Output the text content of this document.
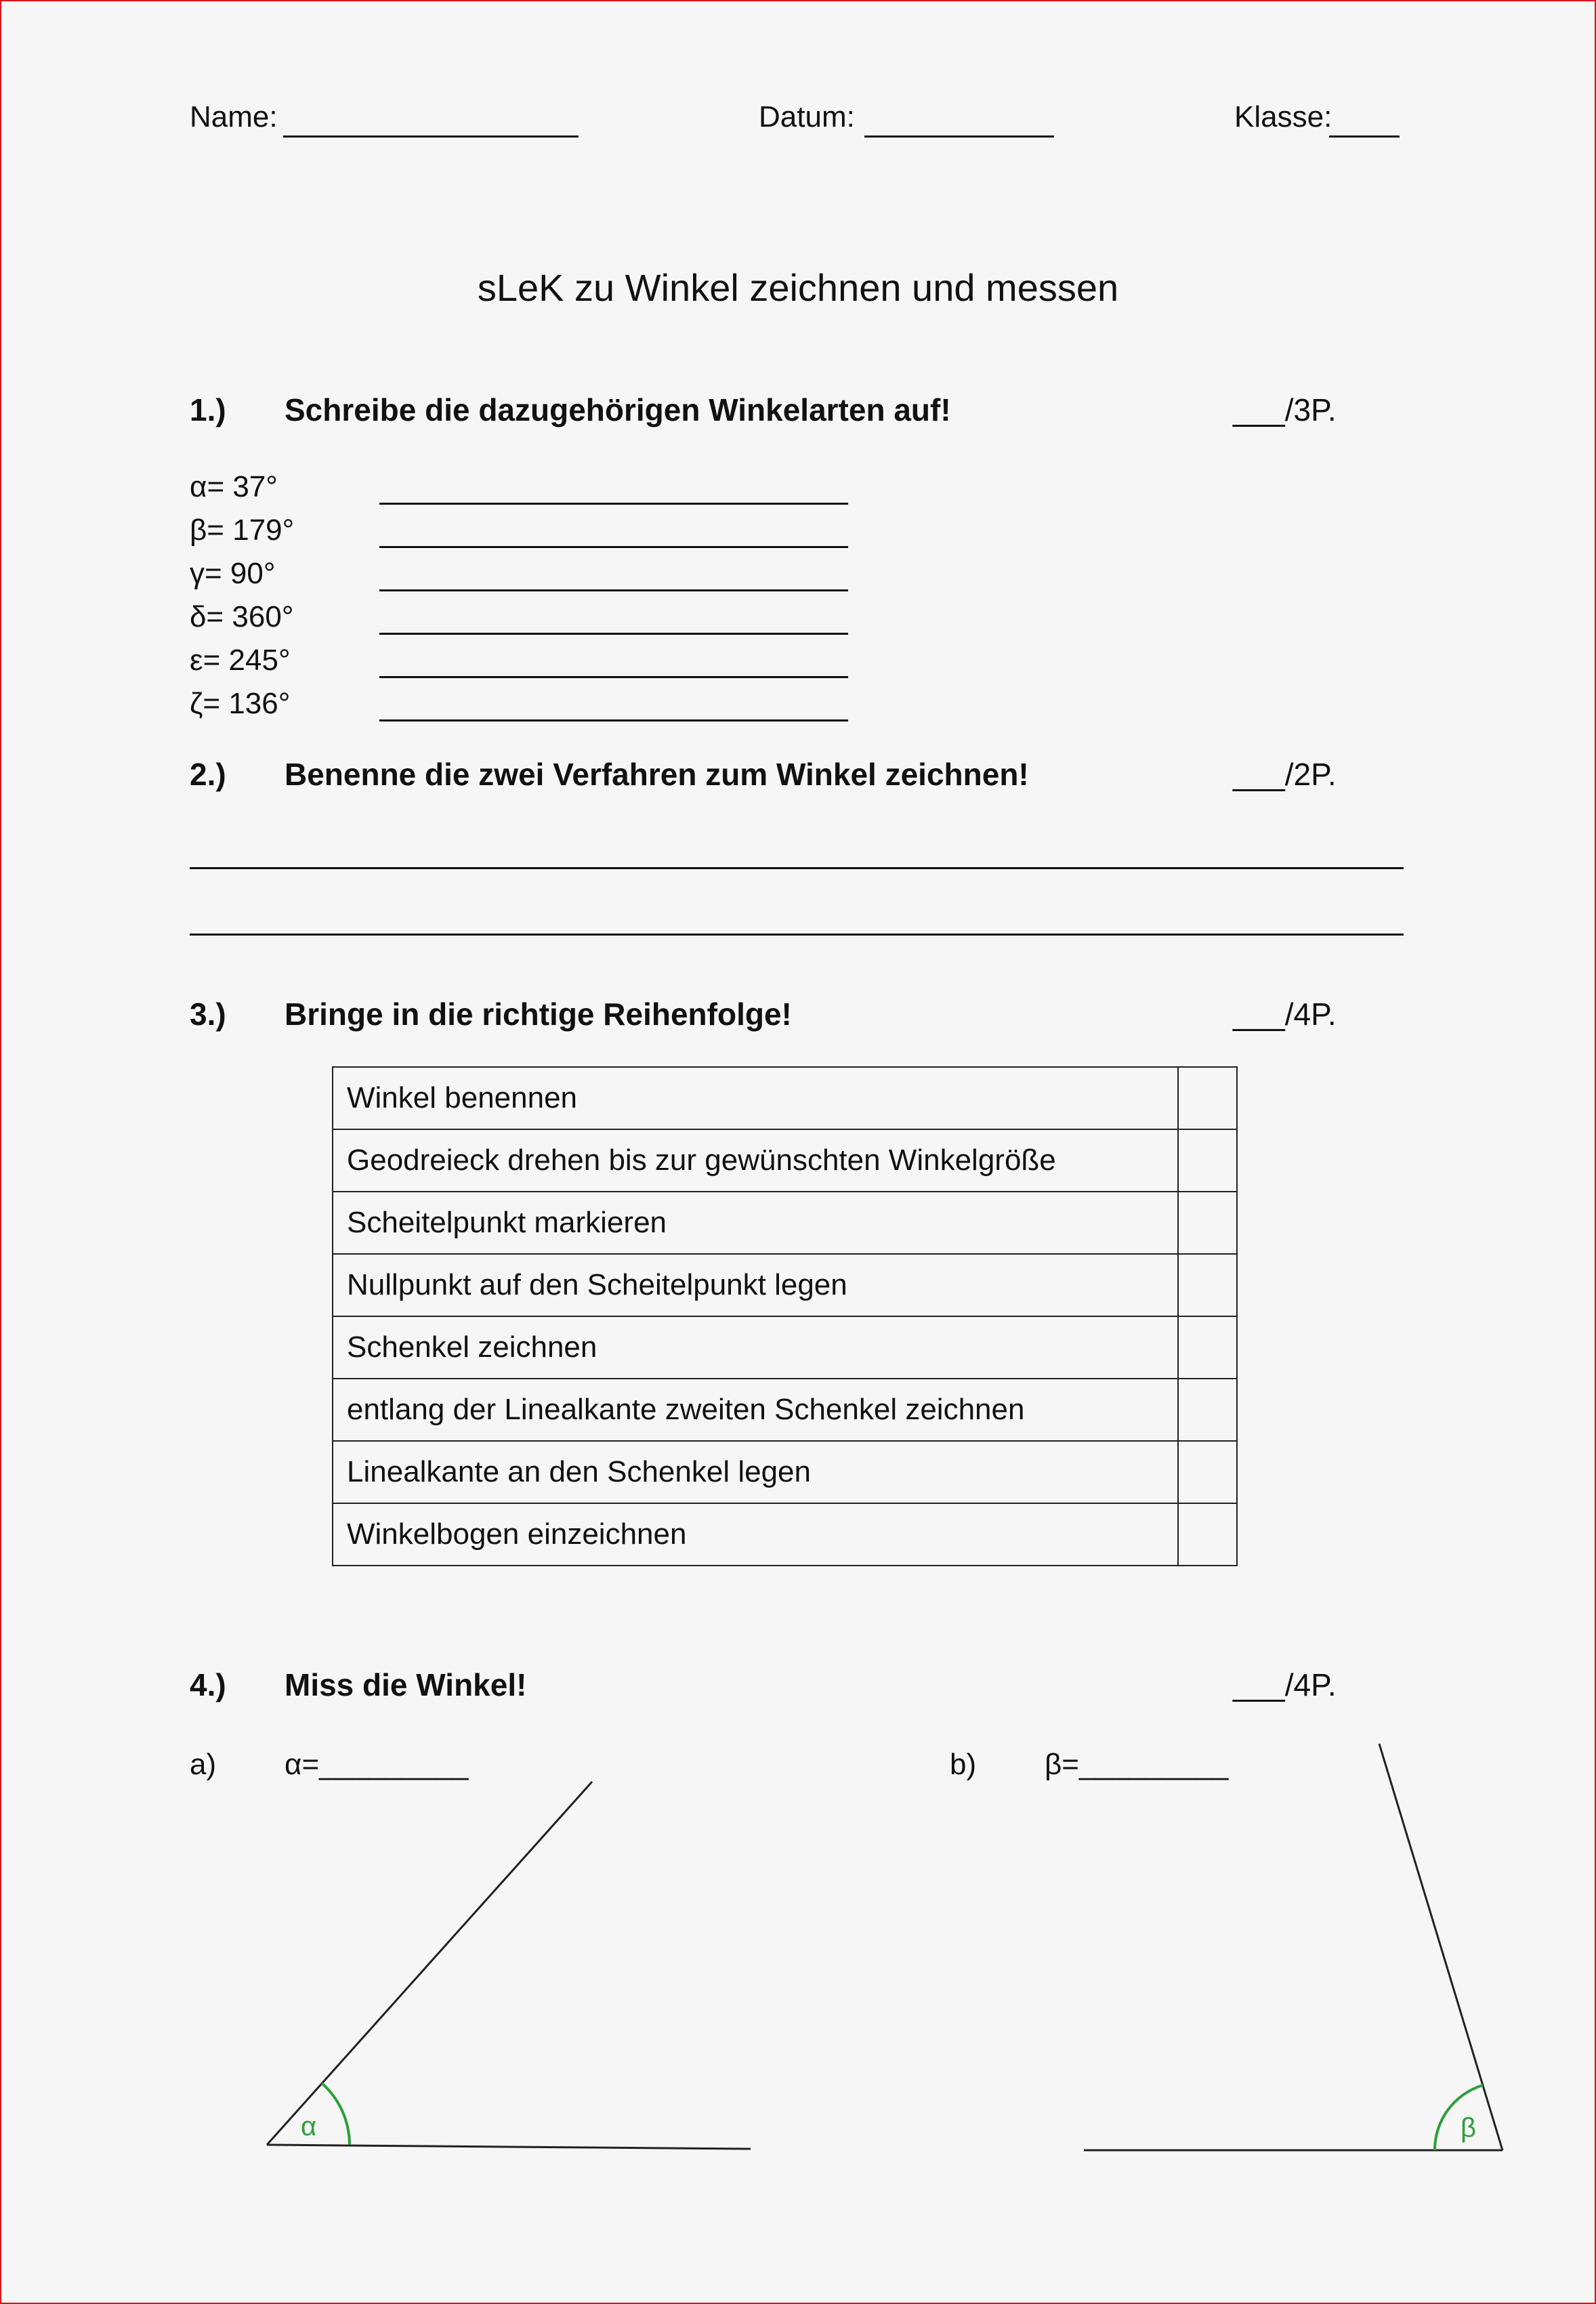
Name:	Datum:	Klasse:
sLeK zu Winkel zeichnen und messen
1.) Schreibe die dazugehörigen Winkelarten auf!	___/3P.
α= 37°
β= 179°
γ= 90°
δ= 360°
ε= 245°
ζ= 136°
2.) Benenne die zwei Verfahren zum Winkel zeichnen!	___/2P.
3.) Bringe in die richtige Reihenfolge!	___/4P.
Winkel benennen	
Geodreieck drehen bis zur gewünschten Winkelgröße	
Scheitelpunkt markieren	
Nullpunkt auf den Scheitelpunkt legen	
Schenkel zeichnen	
entlang der Linealkante zweiten Schenkel zeichnen	
Linealkante an den Schenkel legen	
Winkelbogen einzeichnen	
4.) Miss die Winkel!	___/4P.
a) α=_________	b) β=_________
α	β
